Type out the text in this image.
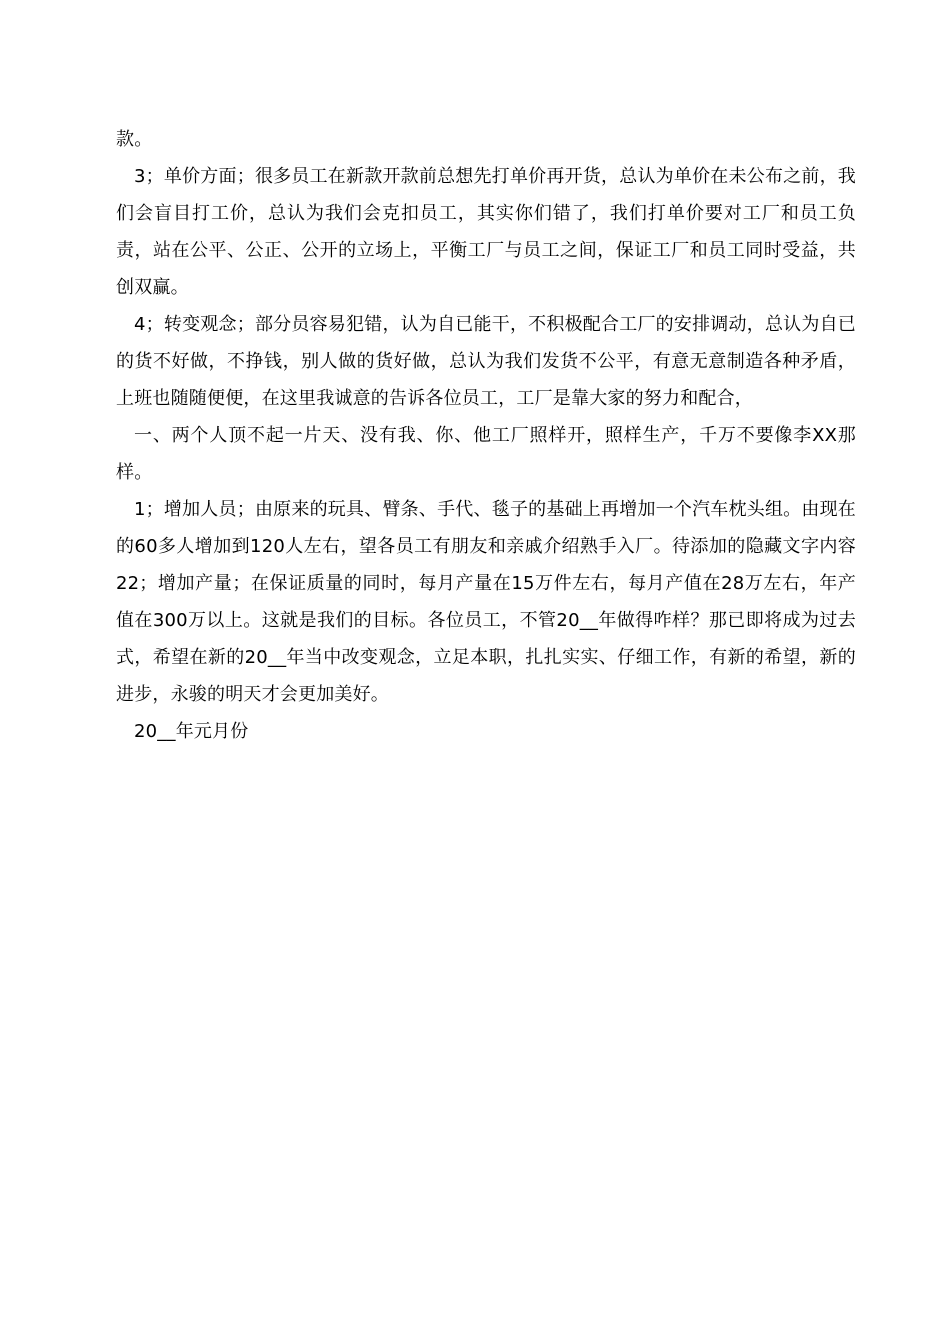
款。

3；单价方面；很多员工在新款开款前总想先打单价再开货，总认为单价在未公布之前，我们会盲目打工价，总认为我们会克扣员工，其实你们错了，我们打单价要对工厂和员工负责，站在公平、公正、公开的立场上，平衡工厂与员工之间，保证工厂和员工同时受益，共创双赢。

4；转变观念；部分员容易犯错，认为自已能干，不积极配合工厂的安排调动，总认为自已的货不好做，不挣钱，别人做的货好做，总认为我们发货不公平，有意无意制造各种矛盾，上班也随随便便，在这里我诚意的告诉各位员工，工厂是靠大家的努力和配合，

一、两个人顶不起一片天、没有我、你、他工厂照样开，照样生产，千万不要像李XX那样。

1；增加人员；由原来的玩具、臂条、手代、毯子的基础上再增加一个汽车枕头组。由现在的60多人增加到120人左右，望各员工有朋友和亲戚介绍熟手入厂。待添加的隐藏文字内容22；增加产量；在保证质量的同时，每月产量在15万件左右，每月产值在28万左右，年产值在300万以上。这就是我们的目标。各位员工，不管20__年做得咋样？那已即将成为过去式，希望在新的20__年当中改变观念，立足本职，扎扎实实、仔细工作，有新的希望，新的进步，永骏的明天才会更加美好。

20__年元月份
